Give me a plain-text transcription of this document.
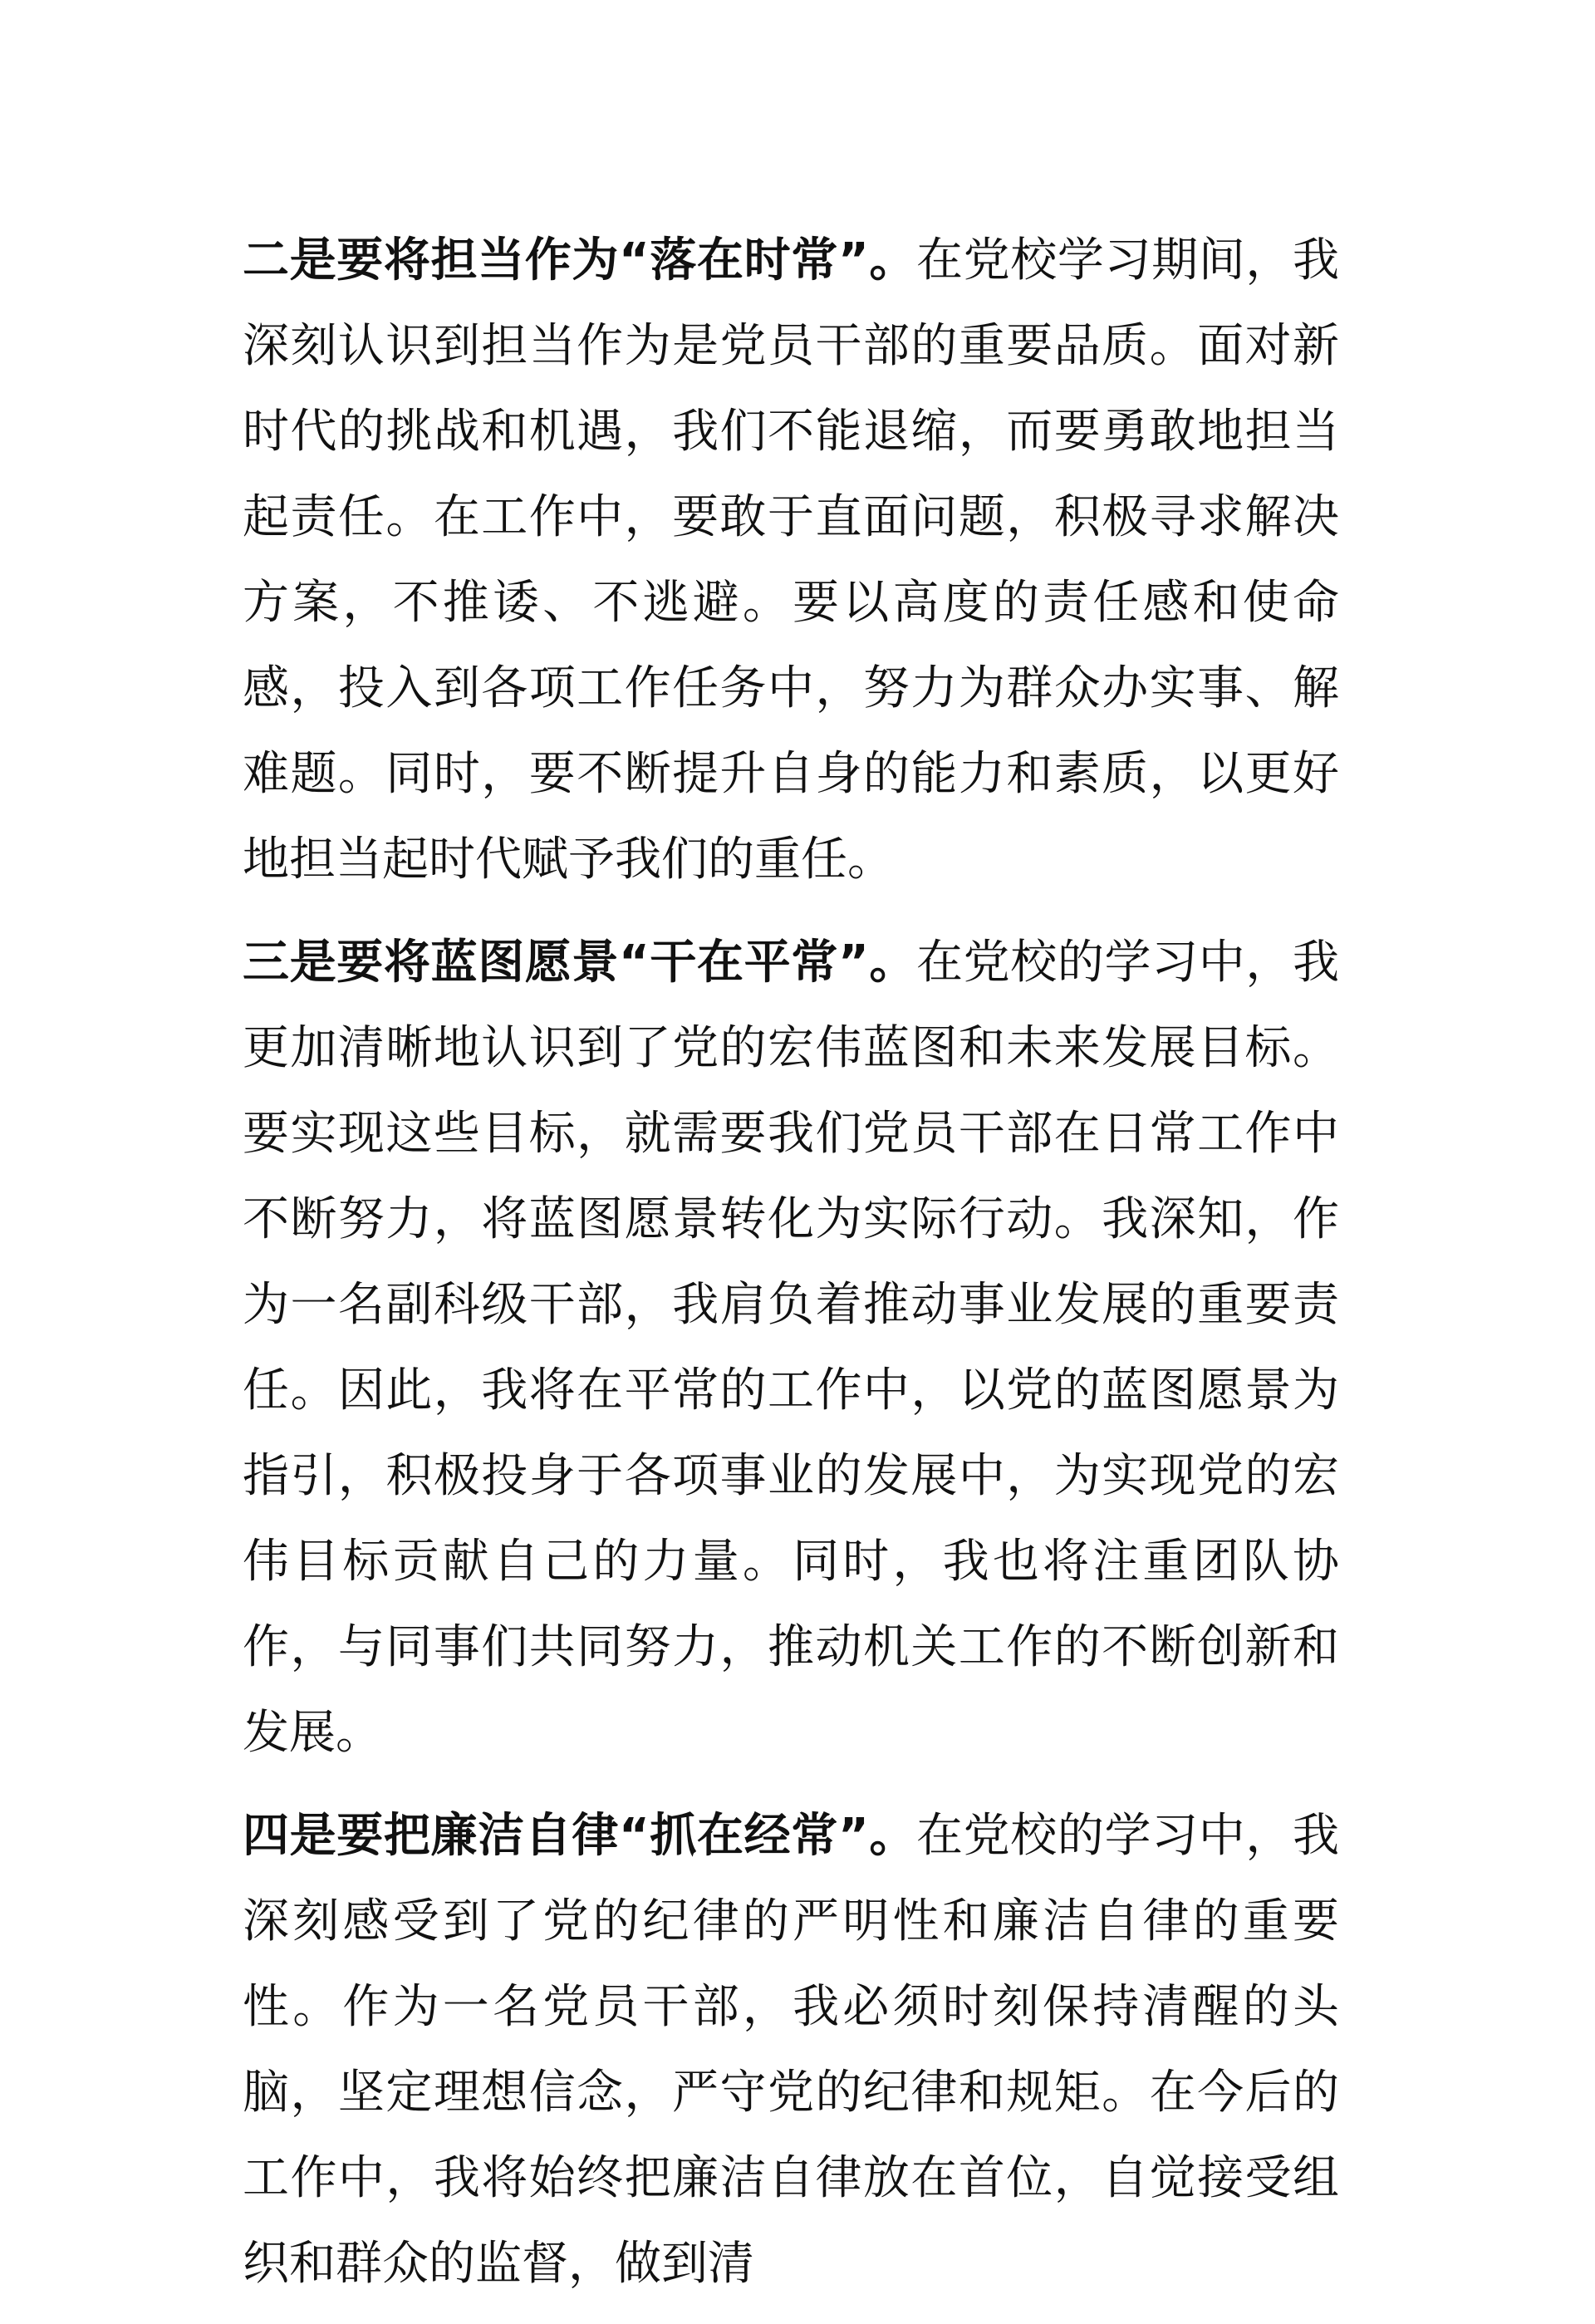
二是要将担当作为“落在时常”。在党校学习期间，我深刻认识到担当作为是党员干部的重要品质。面对新时代的挑战和机遇，我们不能退缩，而要勇敢地担当起责任。在工作中，要敢于直面问题，积极寻求解决方案，不推诿、不逃避。要以高度的责任感和使命感，投入到各项工作任务中，努力为群众办实事、解难题。同时，要不断提升自身的能力和素质，以更好地担当起时代赋予我们的重任。

三是要将蓝图愿景“干在平常”。在党校的学习中，我更加清晰地认识到了党的宏伟蓝图和未来发展目标。要实现这些目标，就需要我们党员干部在日常工作中不断努力，将蓝图愿景转化为实际行动。我深知，作为一名副科级干部，我肩负着推动事业发展的重要责任。因此，我将在平常的工作中，以党的蓝图愿景为指引，积极投身于各项事业的发展中，为实现党的宏伟目标贡献自己的力量。同时，我也将注重团队协作，与同事们共同努力，推动机关工作的不断创新和发展。

四是要把廉洁自律“抓在经常”。在党校的学习中，我深刻感受到了党的纪律的严明性和廉洁自律的重要性。作为一名党员干部，我必须时刻保持清醒的头脑，坚定理想信念，严守党的纪律和规矩。在今后的工作中，我将始终把廉洁自律放在首位，自觉接受组织和群众的监督，做到清
